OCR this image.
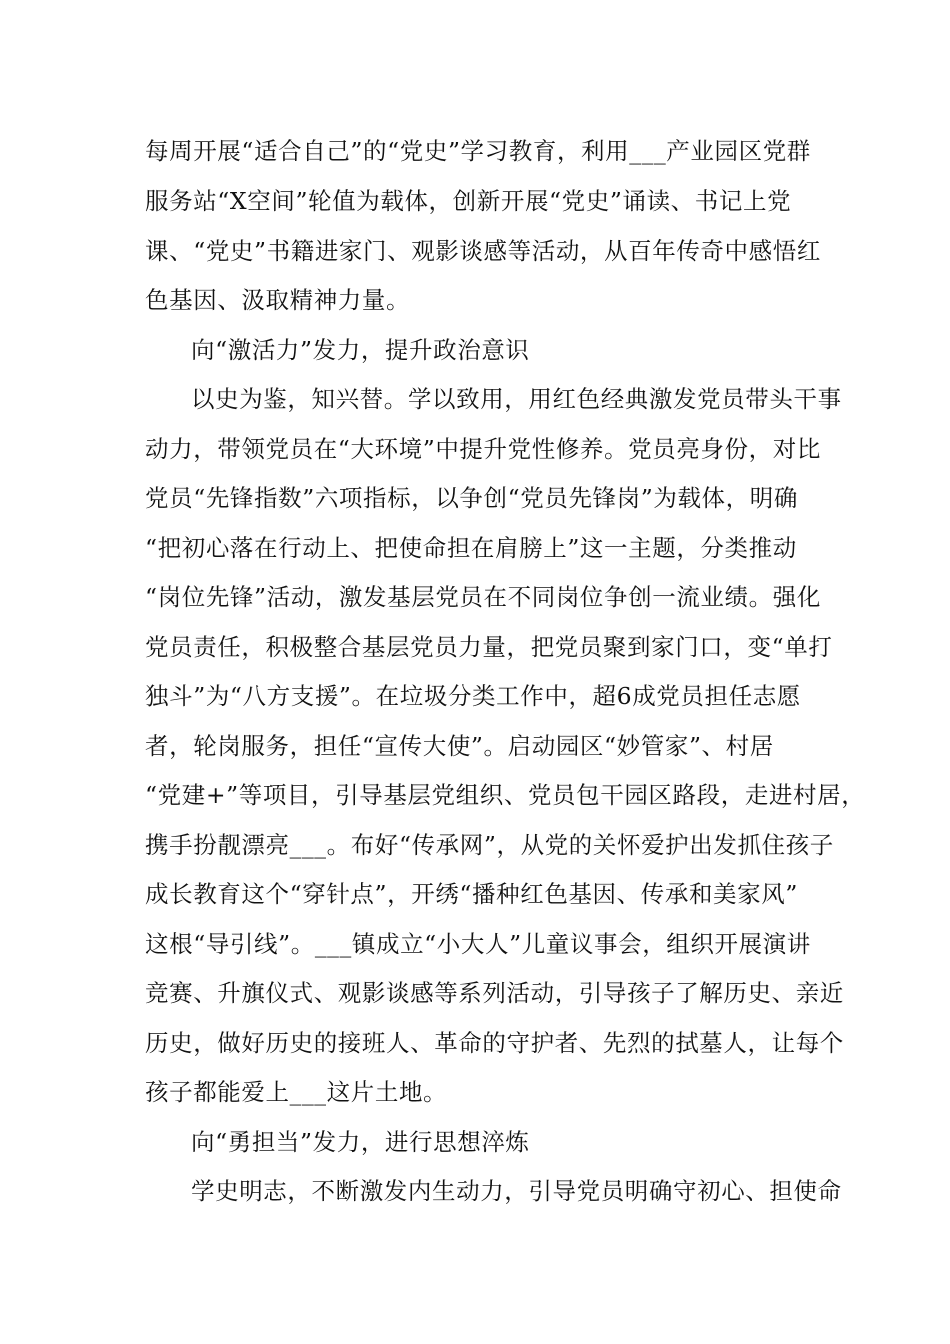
每周开展“适合自己”的“党史”学习教育，利用___产业园区党群
服务站“X空间”轮值为载体，创新开展“党史”诵读、书记上党
课、“党史”书籍进家门、观影谈感等活动，从百年传奇中感悟红
色基因、汲取精神力量。
向“激活力”发力，提升政治意识
以史为鉴，知兴替。学以致用，用红色经典激发党员带头干事
动力，带领党员在“大环境”中提升党性修养。党员亮身份，对比
党员“先锋指数”六项指标，以争创“党员先锋岗”为载体，明确
“把初心落在行动上、把使命担在肩膀上”这一主题，分类推动
“岗位先锋”活动，激发基层党员在不同岗位争创一流业绩。强化
党员责任，积极整合基层党员力量，把党员聚到家门口，变“单打
独斗”为“八方支援”。在垃圾分类工作中，超6成党员担任志愿
者，轮岗服务，担任“宣传大使”。启动园区“妙管家”、村居
“党建+”等项目，引导基层党组织、党员包干园区路段，走进村居，
携手扮靓漂亮___。布好“传承网”，从党的关怀爱护出发抓住孩子
成长教育这个“穿针点”，开绣“播种红色基因、传承和美家风”
这根“导引线”。___镇成立“小大人”儿童议事会，组织开展演讲
竞赛、升旗仪式、观影谈感等系列活动，引导孩子了解历史、亲近
历史，做好历史的接班人、革命的守护者、先烈的拭墓人，让每个
孩子都能爱上___这片土地。
向“勇担当”发力，进行思想淬炼
学史明志，不断激发内生动力，引导党员明确守初心、担使命
